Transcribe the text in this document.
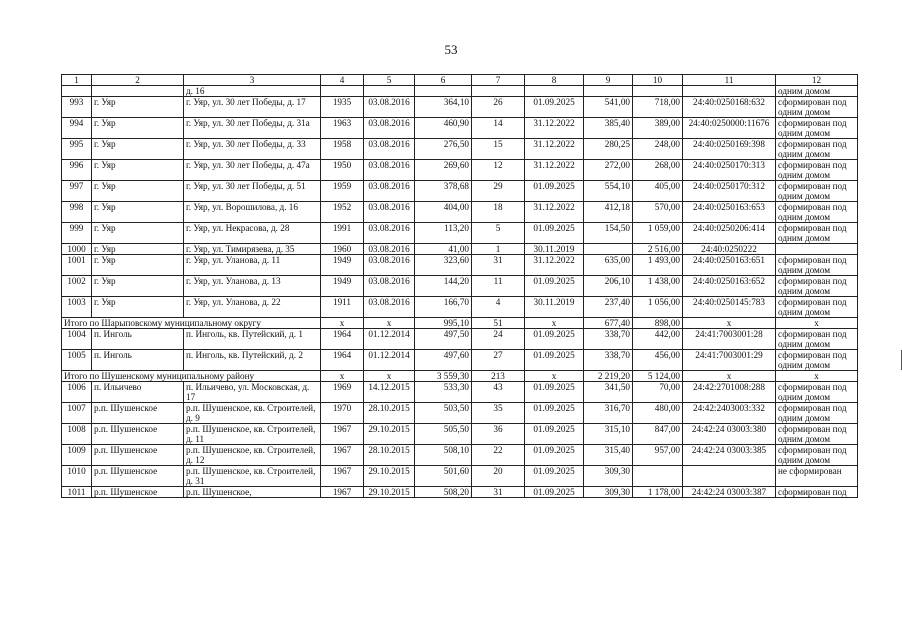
53
1	2	3	4	5	6	7	8	9	10	11	12
		д. 16									одним домом
993	г. Уяр	г. Уяр, ул. 30 лет Победы, д. 17	1935	03.08.2016	364,10	26	01.09.2025	541,00	718,00	24:40:0250168:632	сформирован под одним домом
994	г. Уяр	г. Уяр, ул. 30 лет Победы, д. 31а	1963	03.08.2016	460,90	14	31.12.2022	385,40	389,00	24:40:0250000:11676	сформирован под одним домом
995	г. Уяр	г. Уяр, ул. 30 лет Победы, д. 33	1958	03.08.2016	276,50	15	31.12.2022	280,25	248,00	24:40:0250169:398	сформирован под одним домом
996	г. Уяр	г. Уяр, ул. 30 лет Победы, д. 47а	1950	03.08.2016	269,60	12	31.12.2022	272,00	268,00	24:40:0250170:313	сформирован под одним домом
997	г. Уяр	г. Уяр, ул. 30 лет Победы, д. 51	1959	03.08.2016	378,68	29	01.09.2025	554,10	405,00	24:40:0250170:312	сформирован под одним домом
998	г. Уяр	г. Уяр, ул. Ворошилова, д. 16	1952	03.08.2016	404,00	18	31.12.2022	412,18	570,00	24:40:0250163:653	сформирован под одним домом
999	г. Уяр	г. Уяр, ул. Некрасова, д. 28	1991	03.08.2016	113,20	5	01.09.2025	154,50	1 059,00	24:40:0250206:414	сформирован под одним домом
1000	г. Уяр	г. Уяр, ул. Тимирязева, д. 35	1960	03.08.2016	41,00	1	30.11.2019		2 516,00	24:40:0250222	
1001	г. Уяр	г. Уяр, ул. Уланова, д. 11	1949	03.08.2016	323,60	31	31.12.2022	635,00	1 493,00	24:40:0250163:651	сформирован под одним домом
1002	г. Уяр	г. Уяр, ул. Уланова, д. 13	1949	03.08.2016	144,20	11	01.09.2025	206,10	1 438,00	24:40:0250163:652	сформирован под одним домом
1003	г. Уяр	г. Уяр, ул. Уланова, д. 22	1911	03.08.2016	166,70	4	30.11.2019	237,40	1 056,00	24:40:0250145:783	сформирован под одним домом
Итого по Шарыповскому муниципальному округу			х	х	995,10	51	х	677,40	898,00	х	х
1004	п. Инголь	п. Инголь, кв. Путейский, д. 1	1964	01.12.2014	497,50	24	01.09.2025	338,70	442,00	24:41:7003001:28	сформирован под одним домом
1005	п. Инголь	п. Инголь, кв. Путейский, д. 2	1964	01.12.2014	497,60	27	01.09.2025	338,70	456,00	24:41:7003001:29	сформирован под одним домом
Итого по Шушенскому муниципальному району			х	х	3 559,30	213	х	2 219,20	5 124,00	х	х
1006	п. Ильичево	п. Ильичево, ул. Московская, д. 17	1969	14.12.2015	533,30	43	01.09.2025	341,50	70,00	24:42:2701008:288	сформирован под одним домом
1007	р.п. Шушенское	р.п. Шушенское, кв. Строителей, д. 9	1970	28.10.2015	503,50	35	01.09.2025	316,70	480,00	24:42:2403003:332	сформирован под одним домом
1008	р.п. Шушенское	р.п. Шушенское, кв. Строителей, д. 11	1967	29.10.2015	505,50	36	01.09.2025	315,10	847,00	24:42:24 03003:380	сформирован под одним домом
1009	р.п. Шушенское	р.п. Шушенское, кв. Строителей, д. 12	1967	28.10.2015	508,10	22	01.09.2025	315,40	957,00	24:42:24 03003:385	сформирован под одним домом
1010	р.п. Шушенское	р.п. Шушенское, кв. Строителей, д. 31	1967	29.10.2015	501,60	20	01.09.2025	309,30			не сформирован
1011	р.п. Шушенское	р.п. Шушенское,	1967	29.10.2015	508,20	31	01.09.2025	309,30	1 178,00	24:42:24 03003:387	сформирован под
